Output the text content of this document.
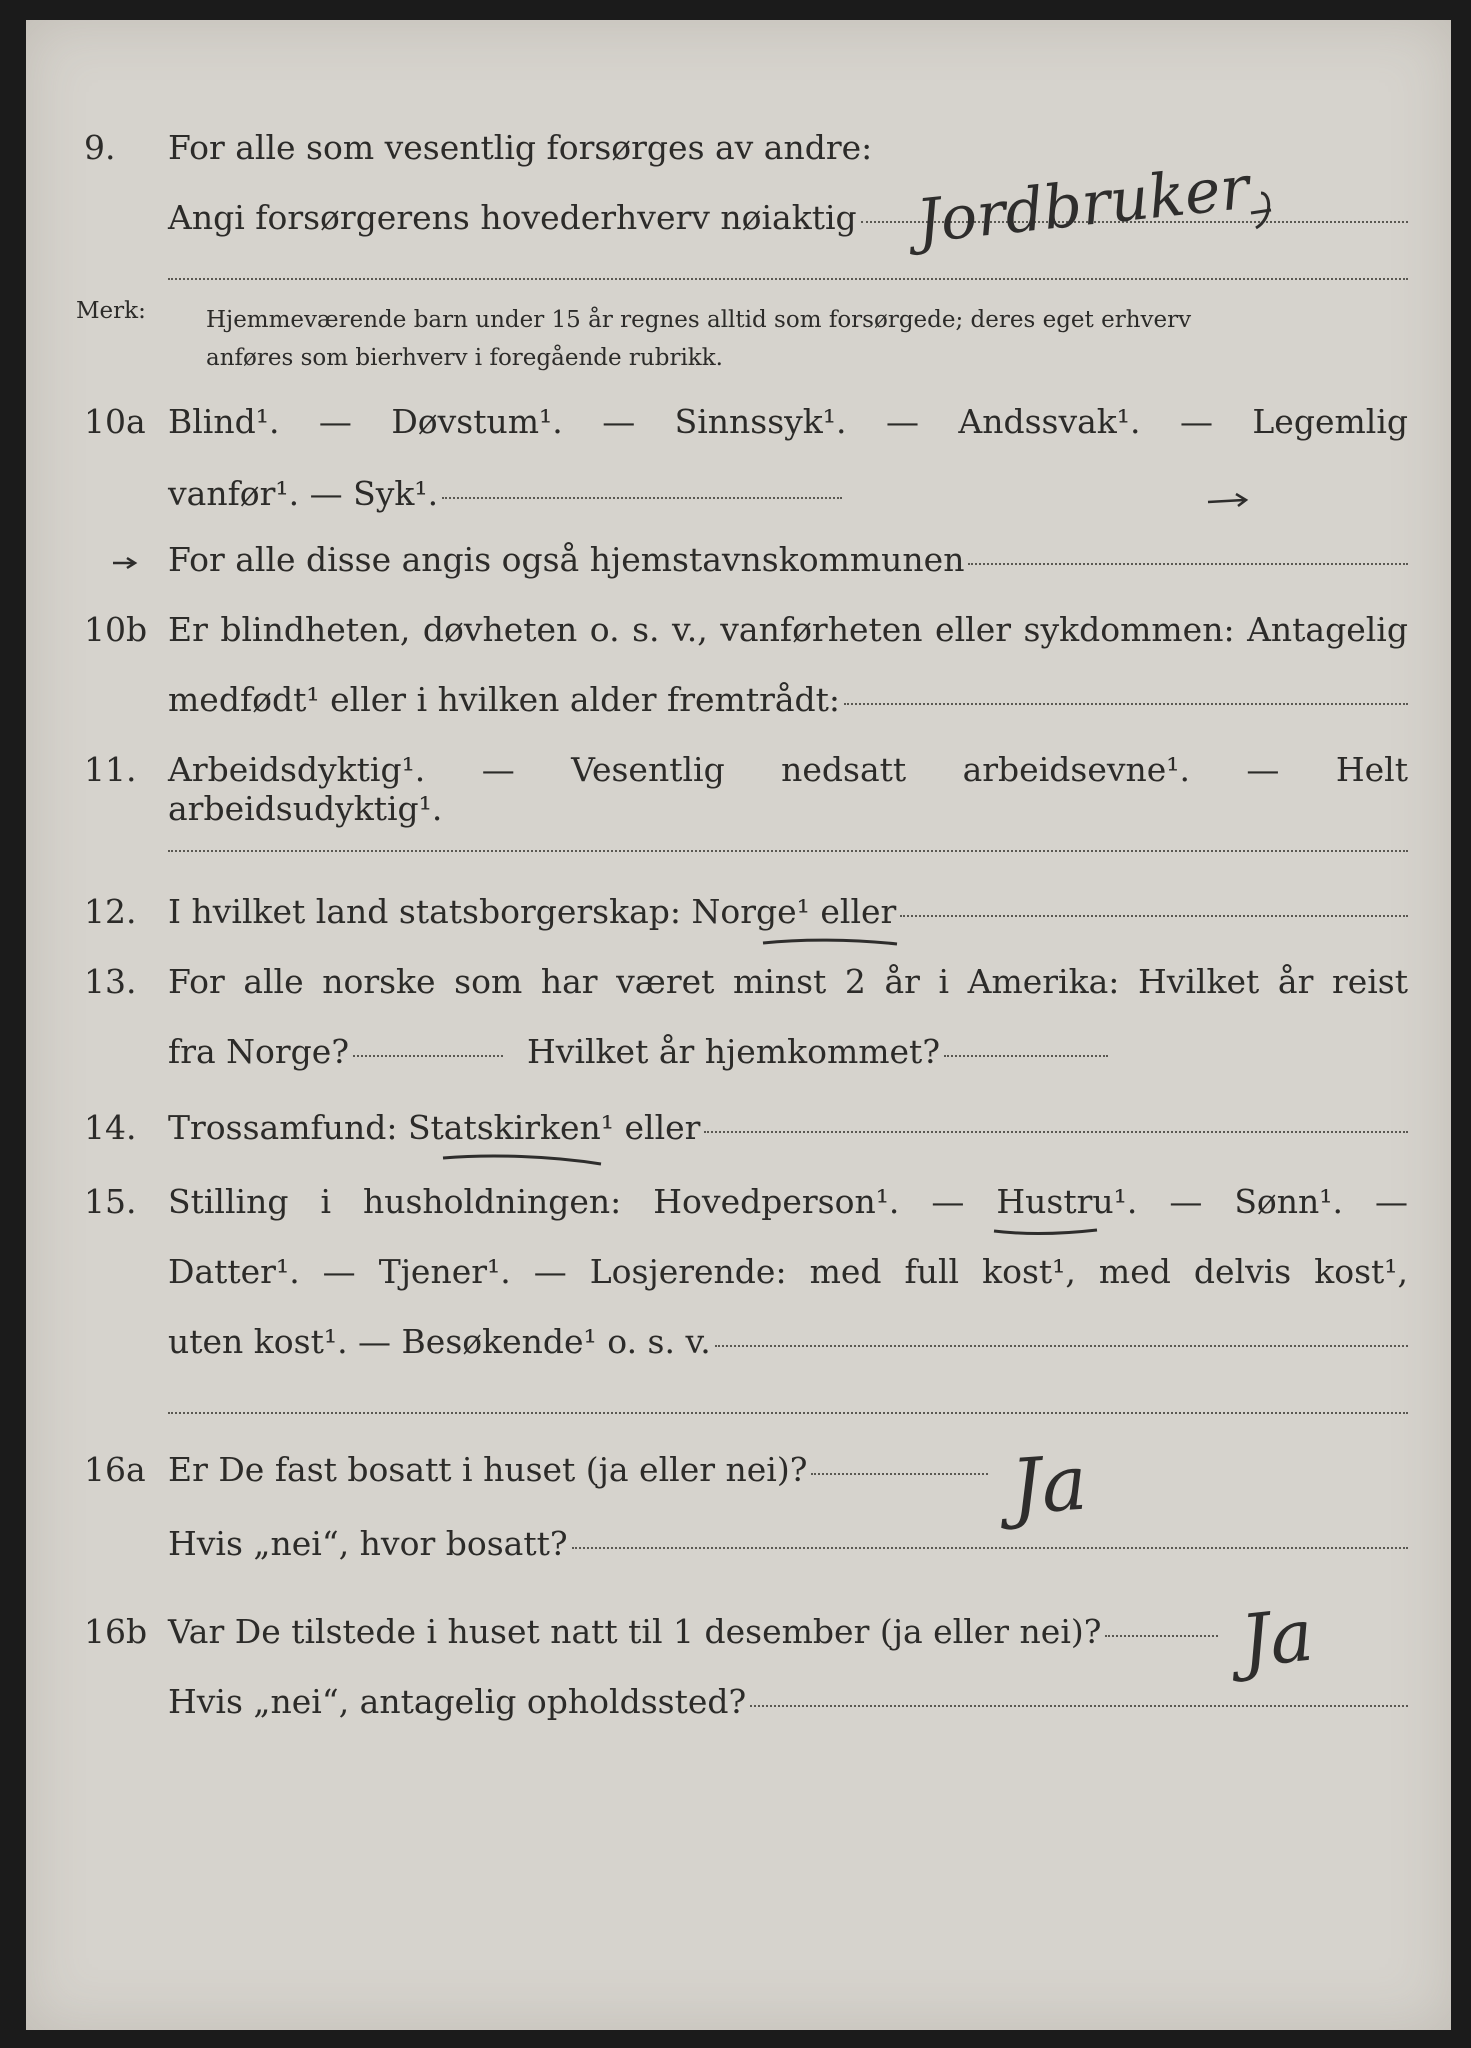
9. For alle som vesentlig forsørges av andre:
Angi forsørgerens hovederhverv nøiaktig Jordbruker
Merk:	Hjemmeværende barn under 15 år regnes alltid som forsørgede; deres eget erhverv
anføres som bierhverv i foregående rubrikk.
10a Blind¹. — Døvstum¹. — Sinnssyk¹. — Andssvak¹. — Legemlig
vanfør¹. — Syk¹.
For alle disse angis også hjemstavnskommunen
10b Er blindheten, døvheten o. s. v., vanførheten eller sykdommen: Antagelig
medfødt¹ eller i hvilken alder fremtrådt:
11. Arbeidsdyktig¹. — Vesentlig nedsatt arbeidsevne¹. — Helt arbeidsudyktig¹.
12. I hvilket land statsborgerskap: Norge¹ eller
13. For alle norske som har været minst 2 år i Amerika: Hvilket år reist
fra Norge?	Hvilket år hjemkommet?
14. Trossamfund: Statskirken¹ eller
15. Stilling i husholdningen: Hovedperson¹. — Hustru¹. — Sønn¹. —
Datter¹. — Tjener¹. — Losjerende: med full kost¹, med delvis kost¹,
uten kost¹. — Besøkende¹ o. s. v.
16a Er De fast bosatt i huset (ja eller nei)?	Ja
Hvis „nei“, hvor bosatt?
16b Var De tilstede i huset natt til 1 desember (ja eller nei)? Ja
Hvis „nei“, antagelig opholdssted?
